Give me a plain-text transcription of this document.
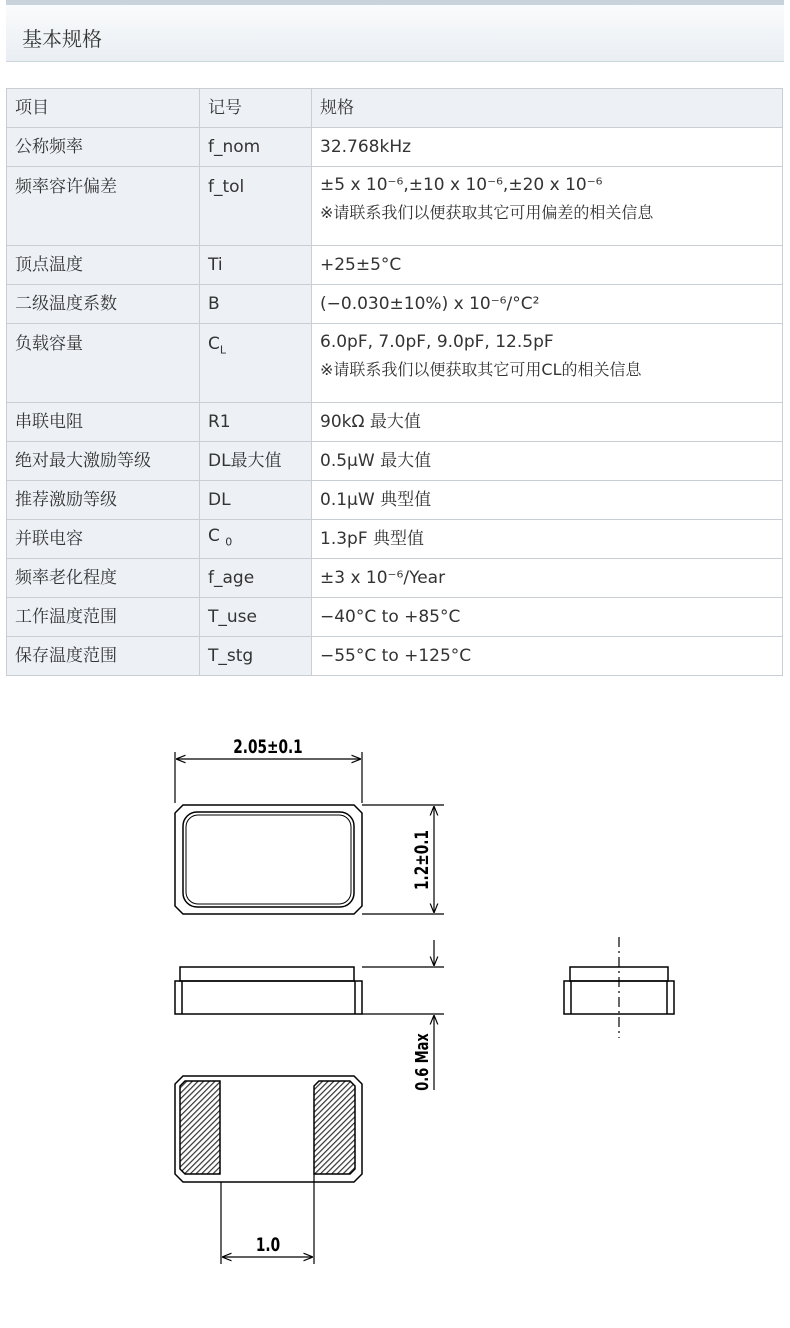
基本规格
项目	记号	规格
公称频率	f_nom	32.768kHz
频率容许偏差	f_tol	±5 x 10⁻⁶,±10 x 10⁻⁶,±20 x 10⁻⁶
※请联系我们以便获取其它可用偏差的相关信息

顶点温度	Ti	+25±5°C
二级温度系数	B	(−0.030±10%) x 10⁻⁶/°C²
负载容量	$C_L$	6.0pF, 7.0pF, 9.0pF, 12.5pF
※请联系我们以便获取其它可用CL的相关信息

串联电阻	R1	90kΩ 最大值
绝对最大激励等级	DL最大值	0.5μW 最大值
推荐激励等级	DL	0.1μW 典型值
并联电容	C $_0$	1.3pF 典型值
频率老化程度	f_age	±3 x 10⁻⁶/Year
工作温度范围	T_use	−40°C to +85°C
保存温度范围	T_stg	−55°C to +125°C
2.05±0.1
1.2±0.1
0.6 Max
1.0
